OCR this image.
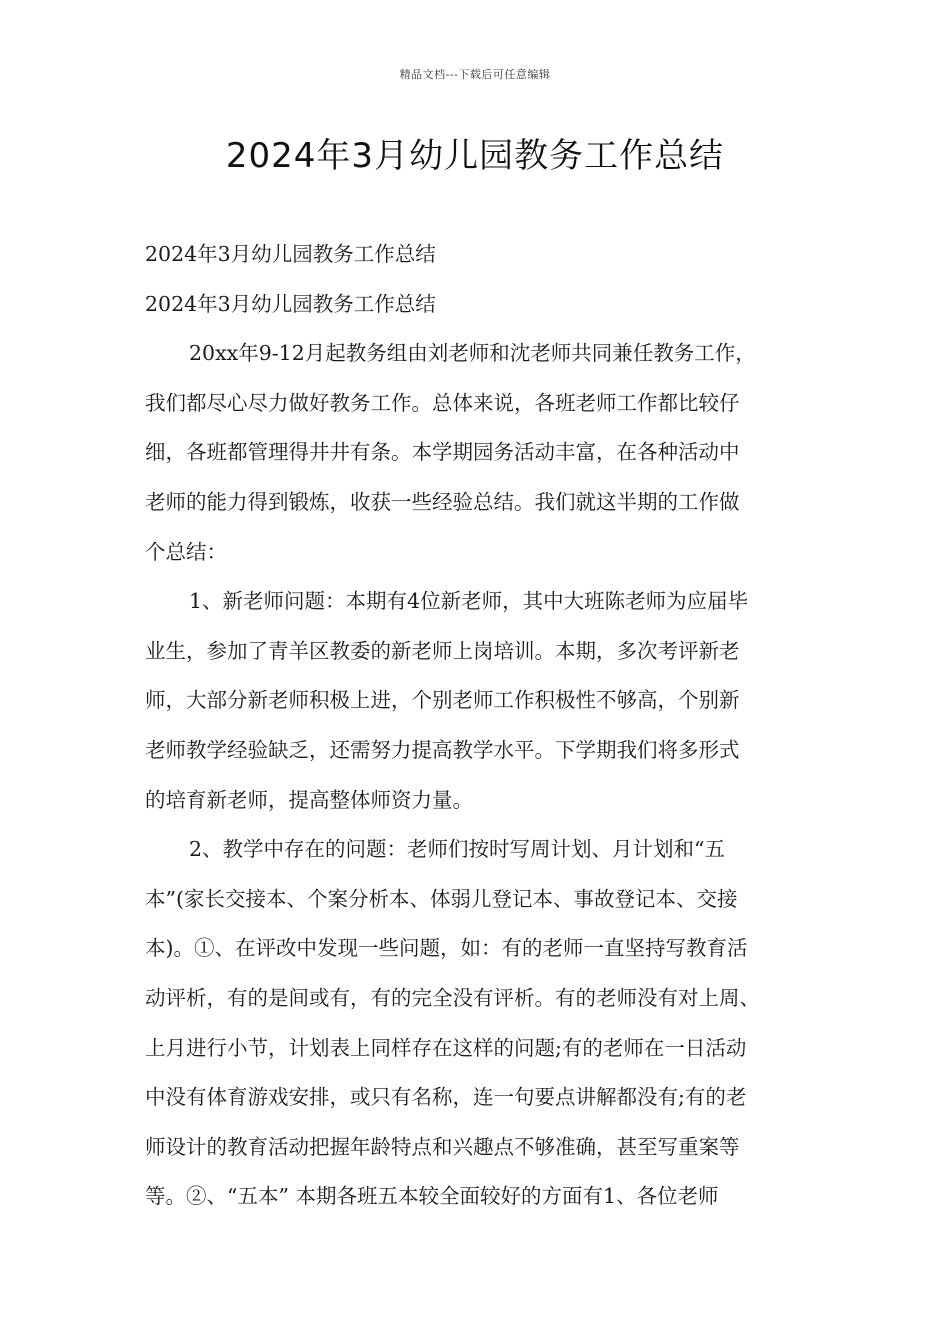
精品文档---下载后可任意编辑
2024年3月幼儿园教务工作总结
2024年3月幼儿园教务工作总结
2024年3月幼儿园教务工作总结
20xx年9-12月起教务组由刘老师和沈老师共同兼任教务工作，
我们都尽心尽力做好教务工作。总体来说，各班老师工作都比较仔
细，各班都管理得井井有条。本学期园务活动丰富，在各种活动中
老师的能力得到锻炼，收获一些经验总结。我们就这半期的工作做
个总结：
1、新老师问题：本期有4位新老师，其中大班陈老师为应届毕
业生，参加了青羊区教委的新老师上岗培训。本期，多次考评新老
师，大部分新老师积极上进，个别老师工作积极性不够高，个别新
老师教学经验缺乏，还需努力提高教学水平。下学期我们将多形式
的培育新老师，提高整体师资力量。
2、教学中存在的问题：老师们按时写周计划、月计划和“五
本”(家长交接本、个案分析本、体弱儿登记本、事故登记本、交接
本)。①、在评改中发现一些问题，如：有的老师一直坚持写教育活
动评析，有的是间或有，有的完全没有评析。有的老师没有对上周、
上月进行小节，计划表上同样存在这样的问题;有的老师在一日活动
中没有体育游戏安排，或只有名称，连一句要点讲解都没有;有的老
师设计的教育活动把握年龄特点和兴趣点不够准确，甚至写重案等
等。②、“五本” 本期各班五本较全面较好的方面有1、各位老师
